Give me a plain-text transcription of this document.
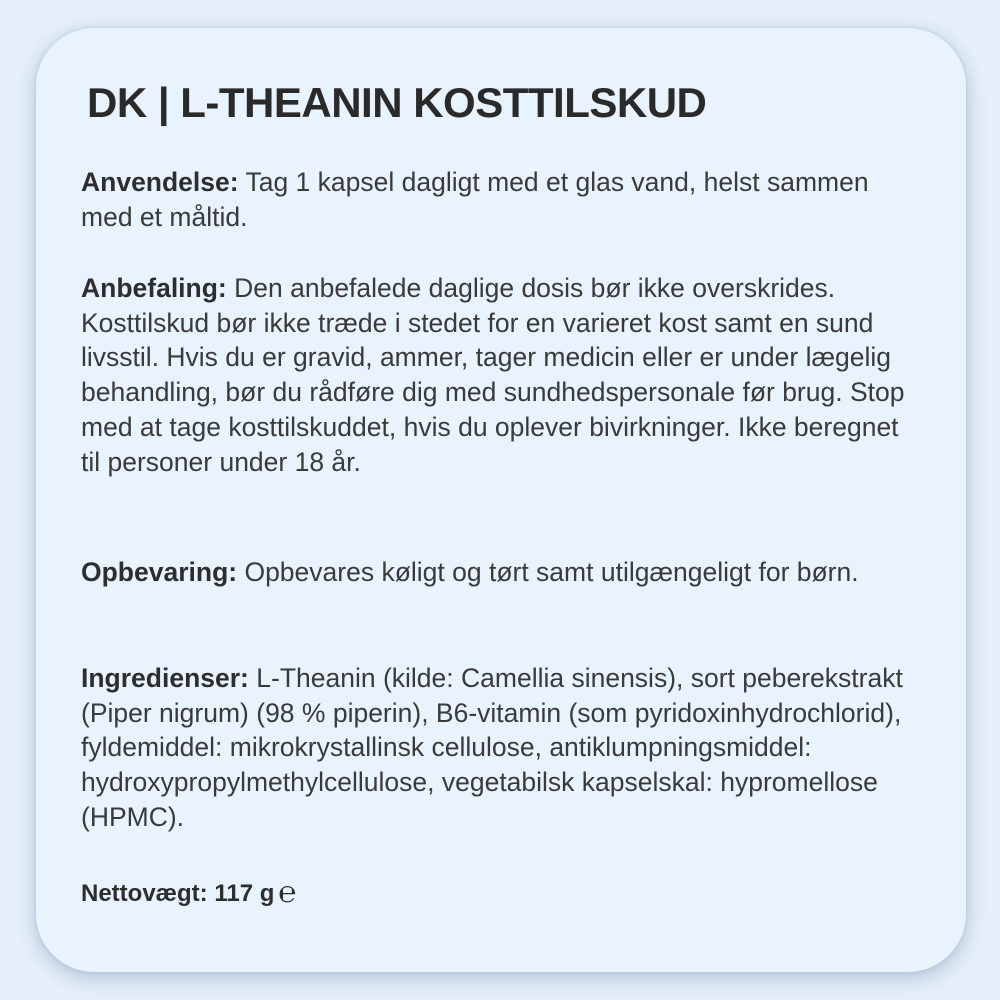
DK | L-THEANIN KOSTTILSKUD

Anvendelse: Tag 1 kapsel dagligt med et glas vand, helst sammen med et måltid.

Anbefaling: Den anbefalede daglige dosis bør ikke overskrides. Kosttilskud bør ikke træde i stedet for en varieret kost samt en sund livsstil. Hvis du er gravid, ammer, tager medicin eller er under lægelig behandling, bør du rådføre dig med sundhedspersonale før brug. Stop med at tage kosttilskuddet, hvis du oplever bivirkninger. Ikke beregnet til personer under 18 år.

Opbevaring: Opbevares køligt og tørt samt utilgængeligt for børn.

Ingredienser: L-Theanin (kilde: Camellia sinensis), sort peberekstrakt (Piper nigrum) (98 % piperin), B6-vitamin (som pyridoxinhydrochlorid), fyldemiddel: mikrokrystallinsk cellulose, antiklumpningsmiddel: hydroxypropylmethylcellulose, vegetabilsk kapselskal: hypromellose (HPMC).

Nettovægt: 117 g ℮
